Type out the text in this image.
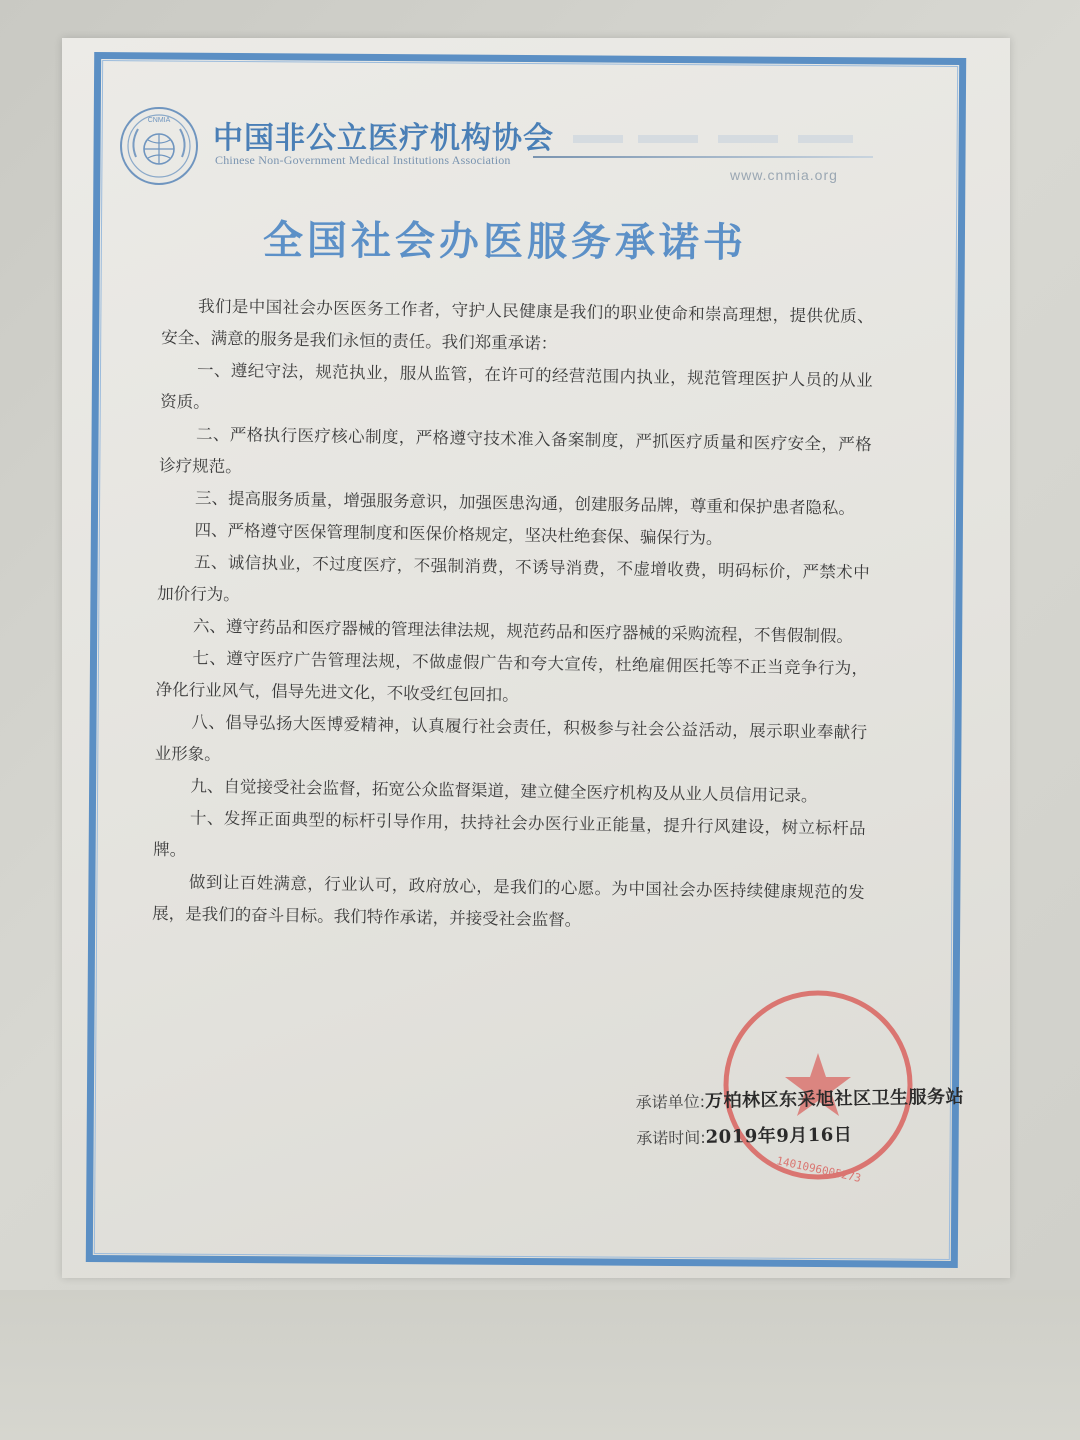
CNMIA

中国非公立医疗机构协会

Chinese Non-Government Medical Institutions Association

www.cnmia.org

全国社会办医服务承诺书

我们是中国社会办医医务工作者，守护人民健康是我们的职业使命和崇高理想，提供优质、安全、满意的服务是我们永恒的责任。我们郑重承诺：

一、遵纪守法，规范执业，服从监管，在许可的经营范围内执业，规范管理医护人员的从业资质。

二、严格执行医疗核心制度，严格遵守技术准入备案制度，严抓医疗质量和医疗安全，严格诊疗规范。

三、提高服务质量，增强服务意识，加强医患沟通，创建服务品牌，尊重和保护患者隐私。

四、严格遵守医保管理制度和医保价格规定，坚决杜绝套保、骗保行为。

五、诚信执业，不过度医疗，不强制消费，不诱导消费，不虚增收费，明码标价，严禁术中加价行为。

六、遵守药品和医疗器械的管理法律法规，规范药品和医疗器械的采购流程，不售假制假。

七、遵守医疗广告管理法规，不做虚假广告和夸大宣传，杜绝雇佣医托等不正当竞争行为，净化行业风气，倡导先进文化，不收受红包回扣。

八、倡导弘扬大医博爱精神，认真履行社会责任，积极参与社会公益活动，展示职业奉献行业形象。

九、自觉接受社会监督，拓宽公众监督渠道，建立健全医疗机构及从业人员信用记录。

十、发挥正面典型的标杆引导作用，扶持社会办医行业正能量，提升行风建设，树立标杆品牌。

做到让百姓满意，行业认可，政府放心，是我们的心愿。为中国社会办医持续健康规范的发展，是我们的奋斗目标。我们特作承诺，并接受社会监督。

1401096005273
承诺单位: 万柏林区东采旭社区卫生服务站
承诺时间: 2019年9月16日
